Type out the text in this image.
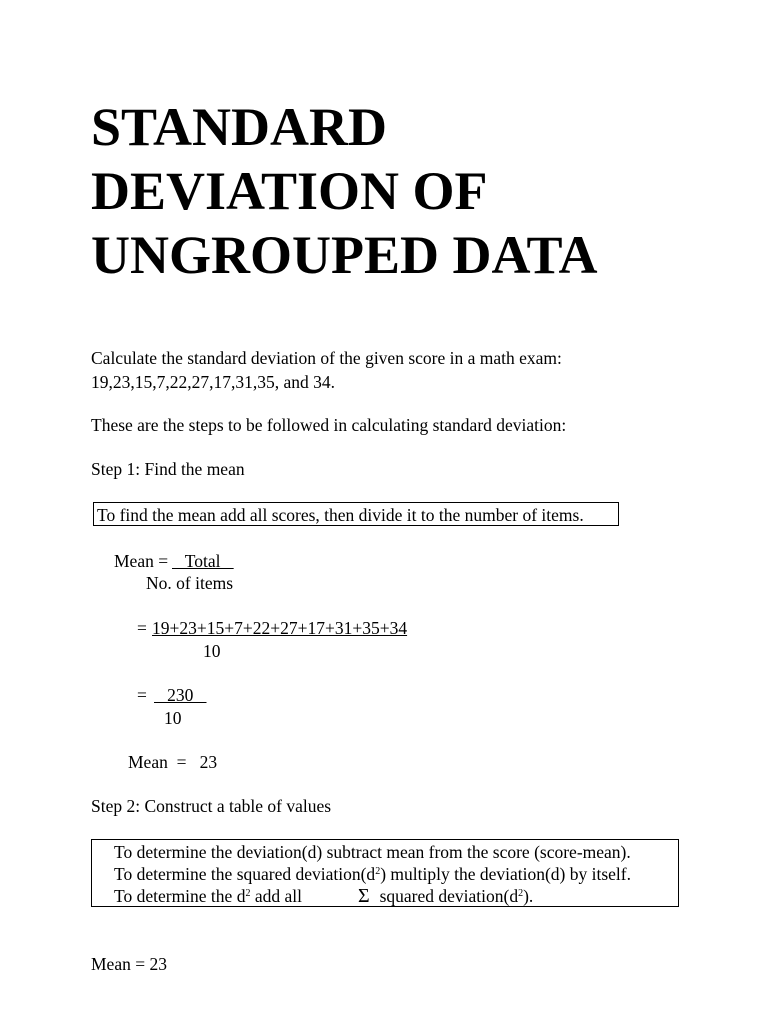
STANDARD
DEVIATION OF
UNGROUPED DATA
Calculate the standard deviation of the given score in a math exam:
19,23,15,7,22,27,17,31,35, and 34.
These are the steps to be followed in calculating standard deviation:
Step 1: Find the mean
To find the mean add all scores, then divide it to the number of items.
Mean = Total
No. of items
= 19+23+15+7+22+27+17+31+35+34
10
= 230
10
Mean  =   23
Step 2: Construct a table of values
To determine the deviation(d) subtract mean from the score (score-mean).
To determine the squared $deviation(d^2)$ multiply the deviation(d) by itself.
To determine the $d^2$ add all	Σ squared $deviation(d^2)$.
Mean = 23
